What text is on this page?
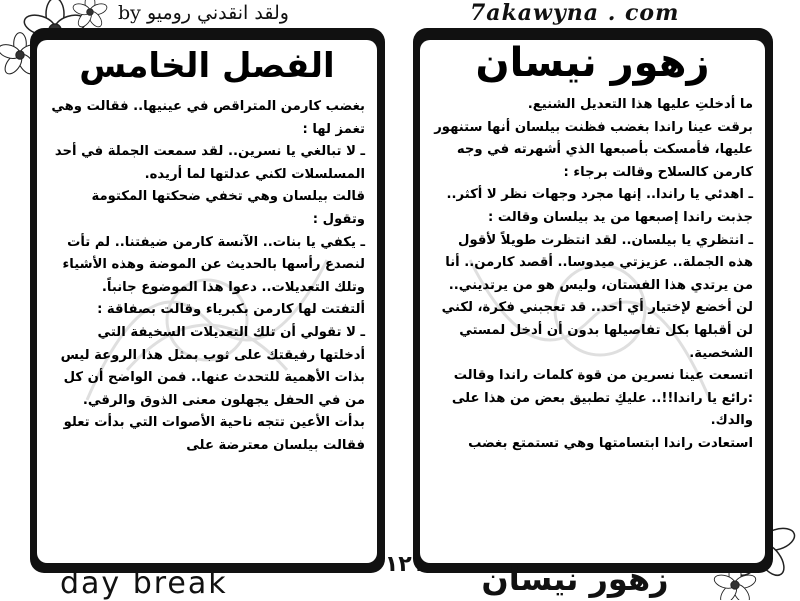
by ولقد انقدني روميو	7akawyna . com
الفصل الخامس

بغضب كارمن المتراقص في عينيها.. فقالت وهي تغمز لها :

ـ لا تبالغي يا نسرين.. لقد سمعت الجملة في أحد المسلسلات لكني عدلتها لما أريده.

قالت بيلسان وهي تخفي ضحكتها المكتومة وتقول :

ـ يكفي يا بنات.. الآنسة كارمن ضيفتنا.. لم تأت لنصدع رأسها بالحديث عن الموضة وهذه الأشياء وتلك التعديلات.. دعوا هذا الموضوع جانباً.

ألتفتت لها كارمن بكبرياء وقالت بصفاقة :

ـ لا تقولي أن تلك التعديلات السخيفة التي أدخلتها رفيقتك على ثوب بمثل هذا الروعة ليس بذات الأهمية للتحدث عنها.. فمن الواضح أن كل من في الحفل يجهلون معنى الذوق والرقي.

بدأت الأعين تتجه ناحية الأصوات التي بدأت تعلو فقالت بيلسان معترضة على

زهور نيسان

ما أدخلتِ عليها هذا التعديل الشنيع.

برقت عينا راندا بغضب فظنت بيلسان أنها ستنهور عليها، فأمسكت بأصبعها الذي أشهرته في وجه كارمن كالسلاح وقالت برجاء :

ـ اهدئي يا راندا.. إنها مجرد وجهات نظر لا أكثر..

جذبت راندا إصبعها من يد بيلسان وقالت :

ـ انتظري يا بيلسان.. لقد انتظرت طويلاً لأقول هذه الجملة.. عزيزتي ميدوسا.. أقصد كارمن.. أنا من يرتدي هذا الفستان، وليس هو من يرتديني.. لن أخضع لإختيار أي أحد.. قد تعجبني فكرة، لكني لن أقبلها بكل تفاصيلها بدون أن أدخل لمستي الشخصية.

اتسعت عينا نسرين من قوة كلمات راندا وقالت :رائع يا راندا!!.. عليكِ تطبيق بعض من هذا على والدك.

استعادت راندا ابتسامتها وهي تستمتع بغضب

day break
١٢١	زهور نيسان
